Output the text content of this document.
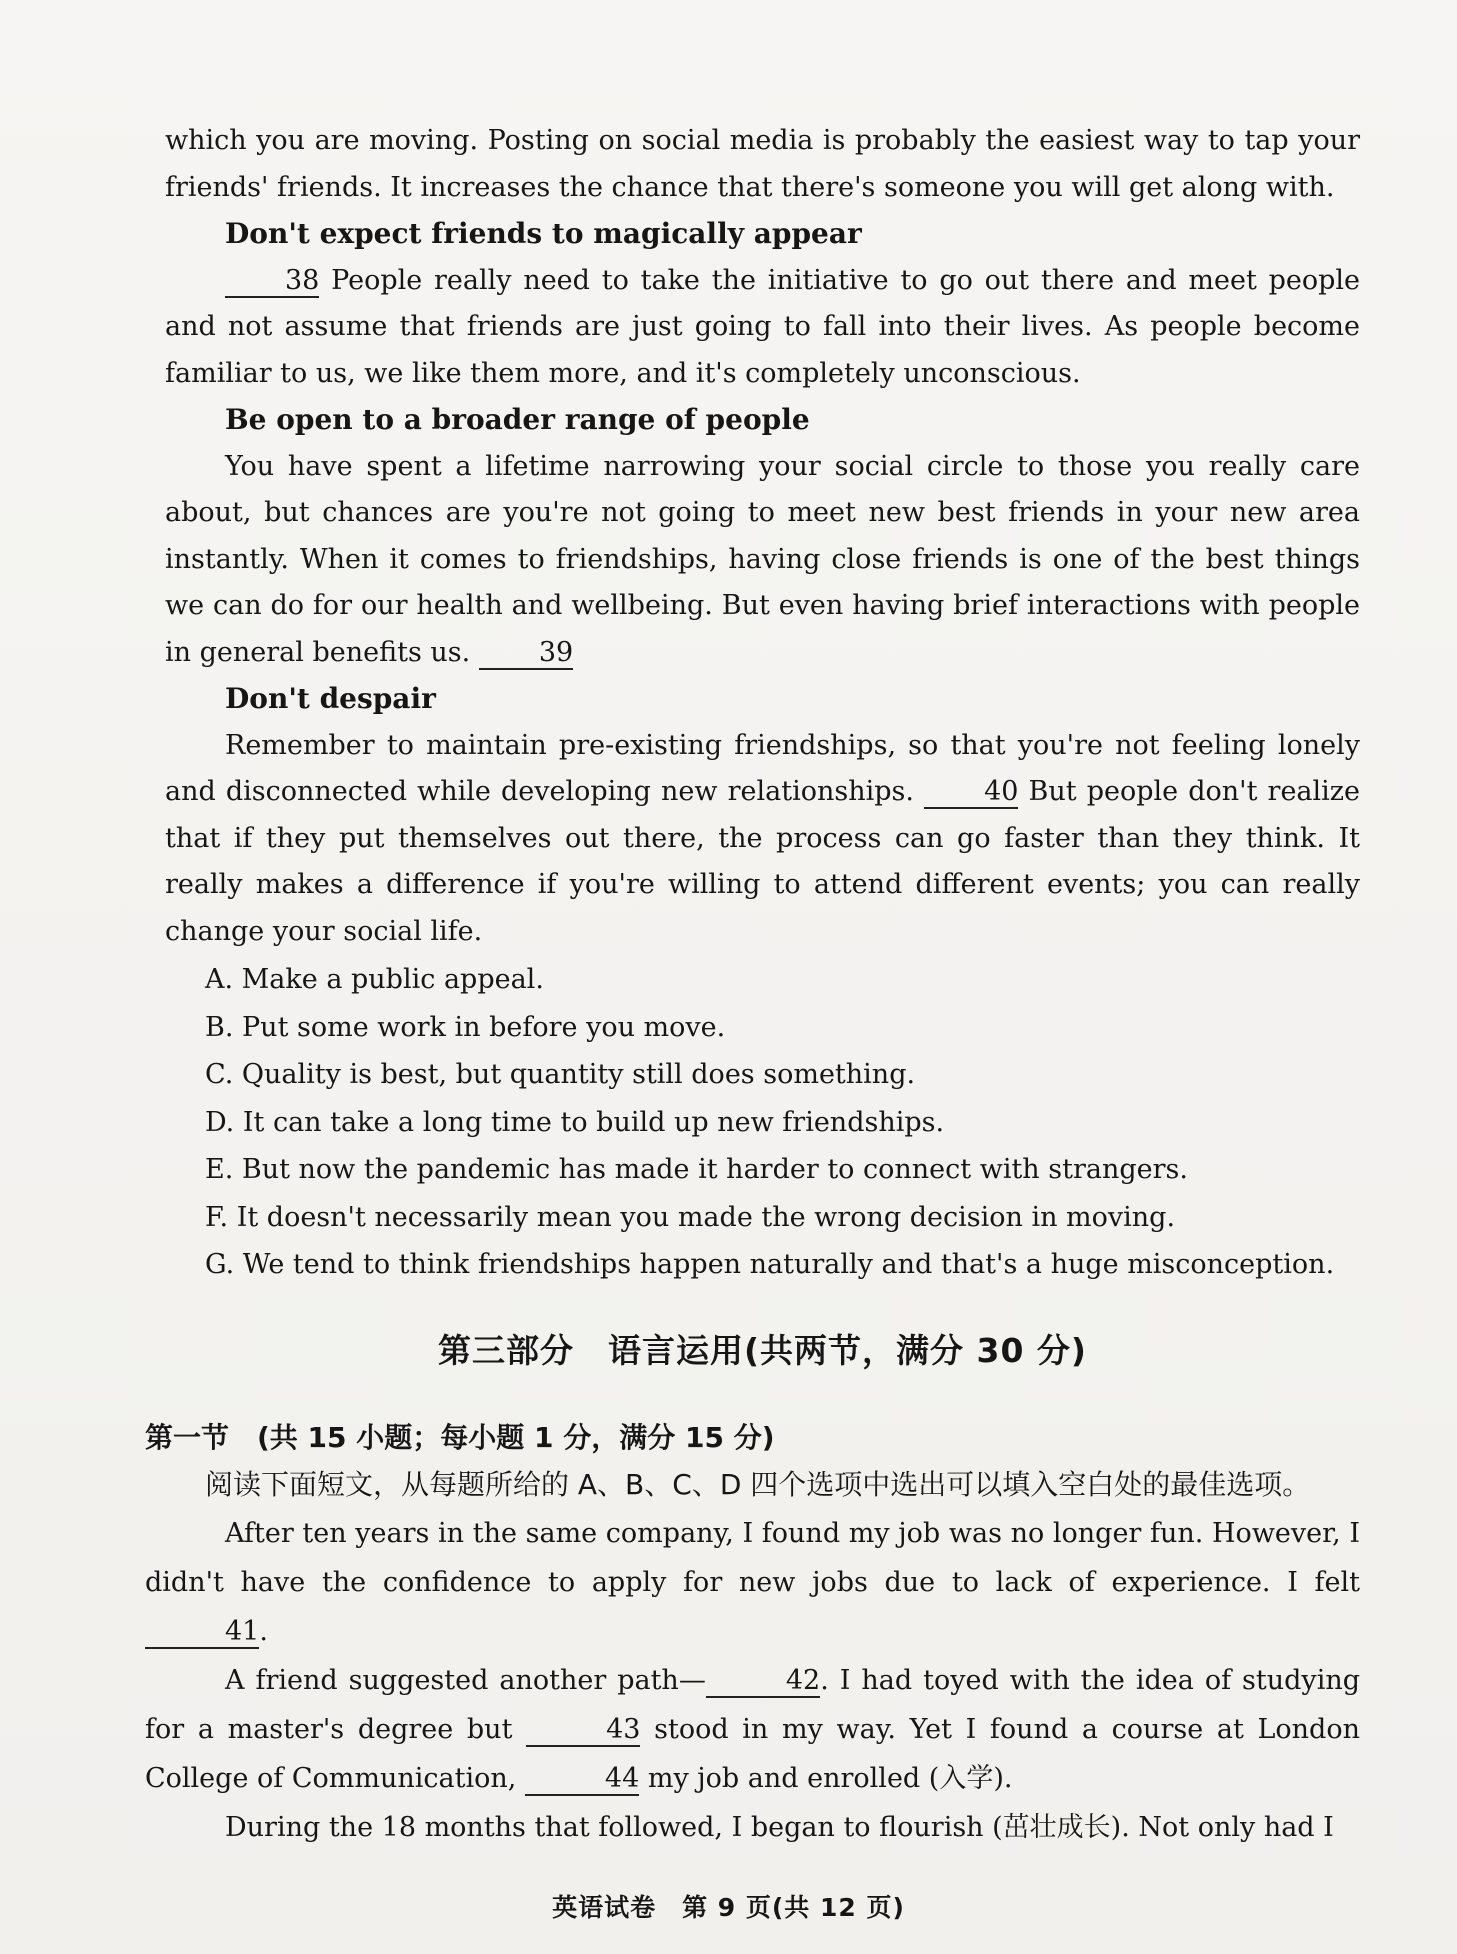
which you are moving. Posting on social media is probably the easiest way to tap your friends' friends. It increases the chance that there's someone you will get along with.

Don't expect friends to magically appear

38 People really need to take the initiative to go out there and meet people and not assume that friends are just going to fall into their lives. As people become familiar to us, we like them more, and it's completely unconscious.

Be open to a broader range of people

You have spent a lifetime narrowing your social circle to those you really care about, but chances are you're not going to meet new best friends in your new area instantly. When it comes to friendships, having close friends is one of the best things we can do for our health and wellbeing. But even having brief interactions with people in general benefits us.	39

Don't despair

Remember to maintain pre-existing friendships, so that you're not feeling lonely and disconnected while developing new relationships.	40 But people don't realize that if they put themselves out there, the process can go faster than they think. It really makes a difference if you're willing to attend different events; you can really change your social life.

A. Make a public appeal.
B. Put some work in before you move.
C. Quality is best, but quantity still does something.
D. It can take a long time to build up new friendships.
E. But now the pandemic has made it harder to connect with strangers.
F. It doesn't necessarily mean you made the wrong decision in moving.
G. We tend to think friendships happen naturally and that's a huge misconception.
第三部分　语言运用(共两节，满分 30 分)
第一节　(共 15 小题；每小题 1 分，满分 15 分)

阅读下面短文，从每题所给的 A、B、C、D 四个选项中选出可以填入空白处的最佳选项。

After ten years in the same company, I found my job was no longer fun. However, I didn't have the confidence to apply for new jobs due to lack of experience. I felt 41.

A friend suggested another path—	42. I had toyed with the idea of studying for a master's degree but	43 stood in my way. Yet I found a course at London College of Communication,	44 my job and enrolled (入学).

During the 18 months that followed, I began to flourish (茁壮成长). Not only had I

英语试卷　第 9 页(共 12 页)
